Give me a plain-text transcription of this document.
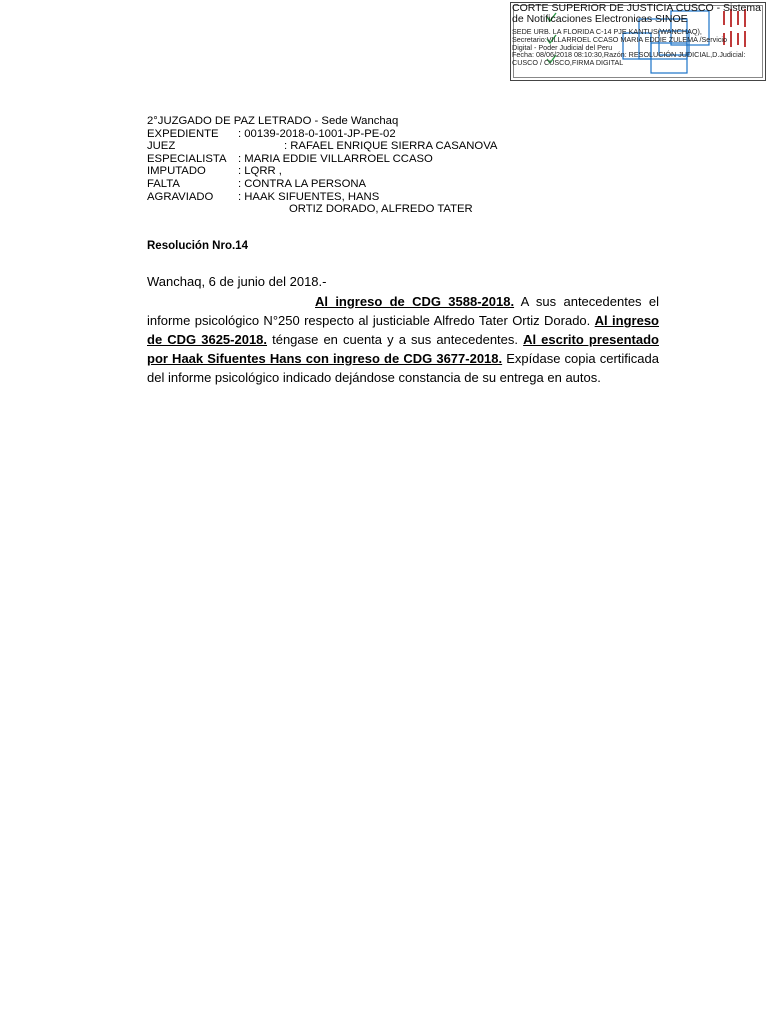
CORTE SUPERIOR DE JUSTICIA CUSCO - Sistema de Notificaciones Electronicas SINOE
SEDE URB. LA FLORIDA C-14 PJE KANTUS(WANCHAQ),
Secretario:VILLARROEL CCASO MARIA EDDIE ZULEMA /Servicio
Digital - Poder Judicial del Peru
Fecha: 08/06/2018 08:10:30,Razón: RESOLUCIÓN JUDICIAL,D.Judicial:
CUSCO / CUSCO,FIRMA DIGITAL
2°JUZGADO DE PAZ LETRADO - Sede Wanchaq
EXPEDIENTE : 00139-2018-0-1001-JP-PE-02
JUEZ	: RAFAEL ENRIQUE SIERRA CASANOVA
ESPECIALISTA : MARIA EDDIE VILLARROEL CCASO
IMPUTADO	: LQRR ,
FALTA	: CONTRA LA PERSONA
AGRAVIADO : HAAK SIFUENTES, HANS
ORTIZ DORADO, ALFREDO TATER
Resolución Nro.14
Wanchaq, 6 de junio del 2018.-
Al ingreso de CDG 3588-2018. A sus antecedentes el informe psicológico N°250 respecto al justiciable Alfredo Tater Ortiz Dorado. Al ingreso de CDG 3625-2018. téngase en cuenta y a sus antecedentes. Al escrito presentado por Haak Sifuentes Hans con ingreso de CDG 3677-2018. Expídase copia certificada del informe psicológico indicado dejándose constancia de su entrega en autos.
